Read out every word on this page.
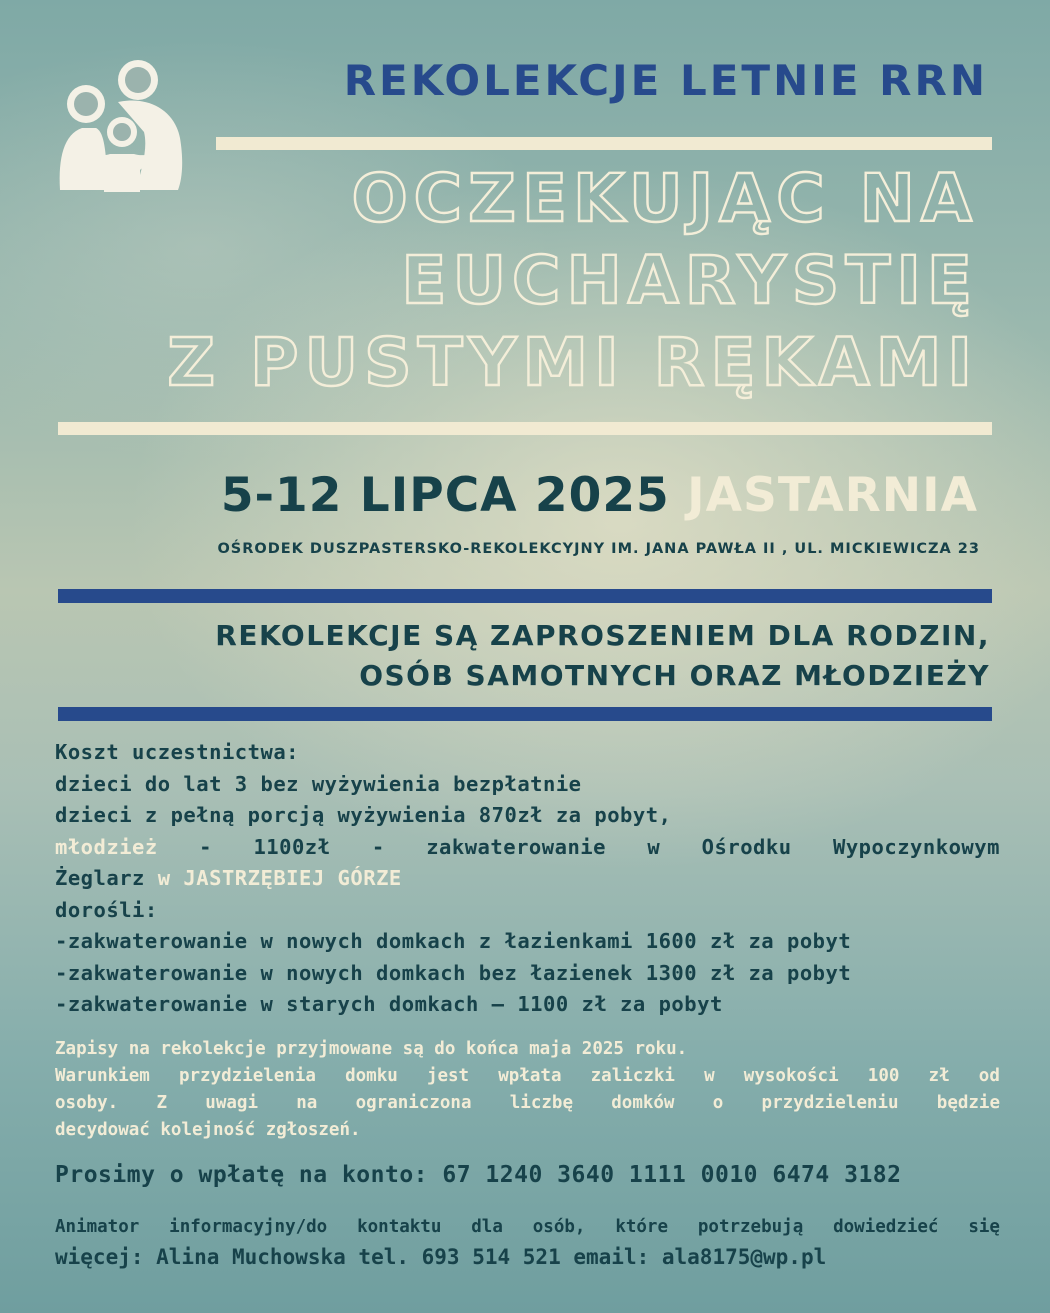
REKOLEKCJE LETNIE RRN
OCZEKUJĄC NA
EUCHARYSTIĘ
Z PUSTYMI RĘKAMI

5-12 LIPCA 2025 JASTARNIA

OŚRODEK DUSZPASTERSKO-REKOLEKCYJNY IM. JANA PAWŁA II , UL. MICKIEWICZA 23
REKOLEKCJE SĄ ZAPROSZENIEM DLA RODZIN,
OSÓB SAMOTNYCH ORAZ MŁODZIEŻY
Koszt uczestnictwa:
dzieci do lat 3 bez wyżywienia bezpłatnie
dzieci z pełną porcją wyżywienia 870zł za pobyt,
młodzież - 1100zł - zakwaterowanie w Ośrodku Wypoczynkowym
Żeglarz w JASTRZĘBIEJ GÓRZE
dorośli:
-zakwaterowanie w nowych domkach z łazienkami 1600 zł za pobyt
-zakwaterowanie w nowych domkach bez łazienek 1300 zł za pobyt
-zakwaterowanie w starych domkach – 1100 zł za pobyt
Zapisy na rekolekcje przyjmowane są do końca maja 2025 roku.
Warunkiem przydzielenia domku jest wpłata zaliczki w wysokości 100 zł od
osoby. Z uwagi na ograniczona liczbę domków o przydzieleniu będzie
decydować kolejność zgłoszeń.
Prosimy o wpłatę na konto: 67 1240 3640 1111 0010 6474 3182
Animator informacyjny/do kontaktu dla osób, które potrzebują dowiedzieć się
więcej: Alina Muchowska tel. 693 514 521 email: ala8175@wp.pl
